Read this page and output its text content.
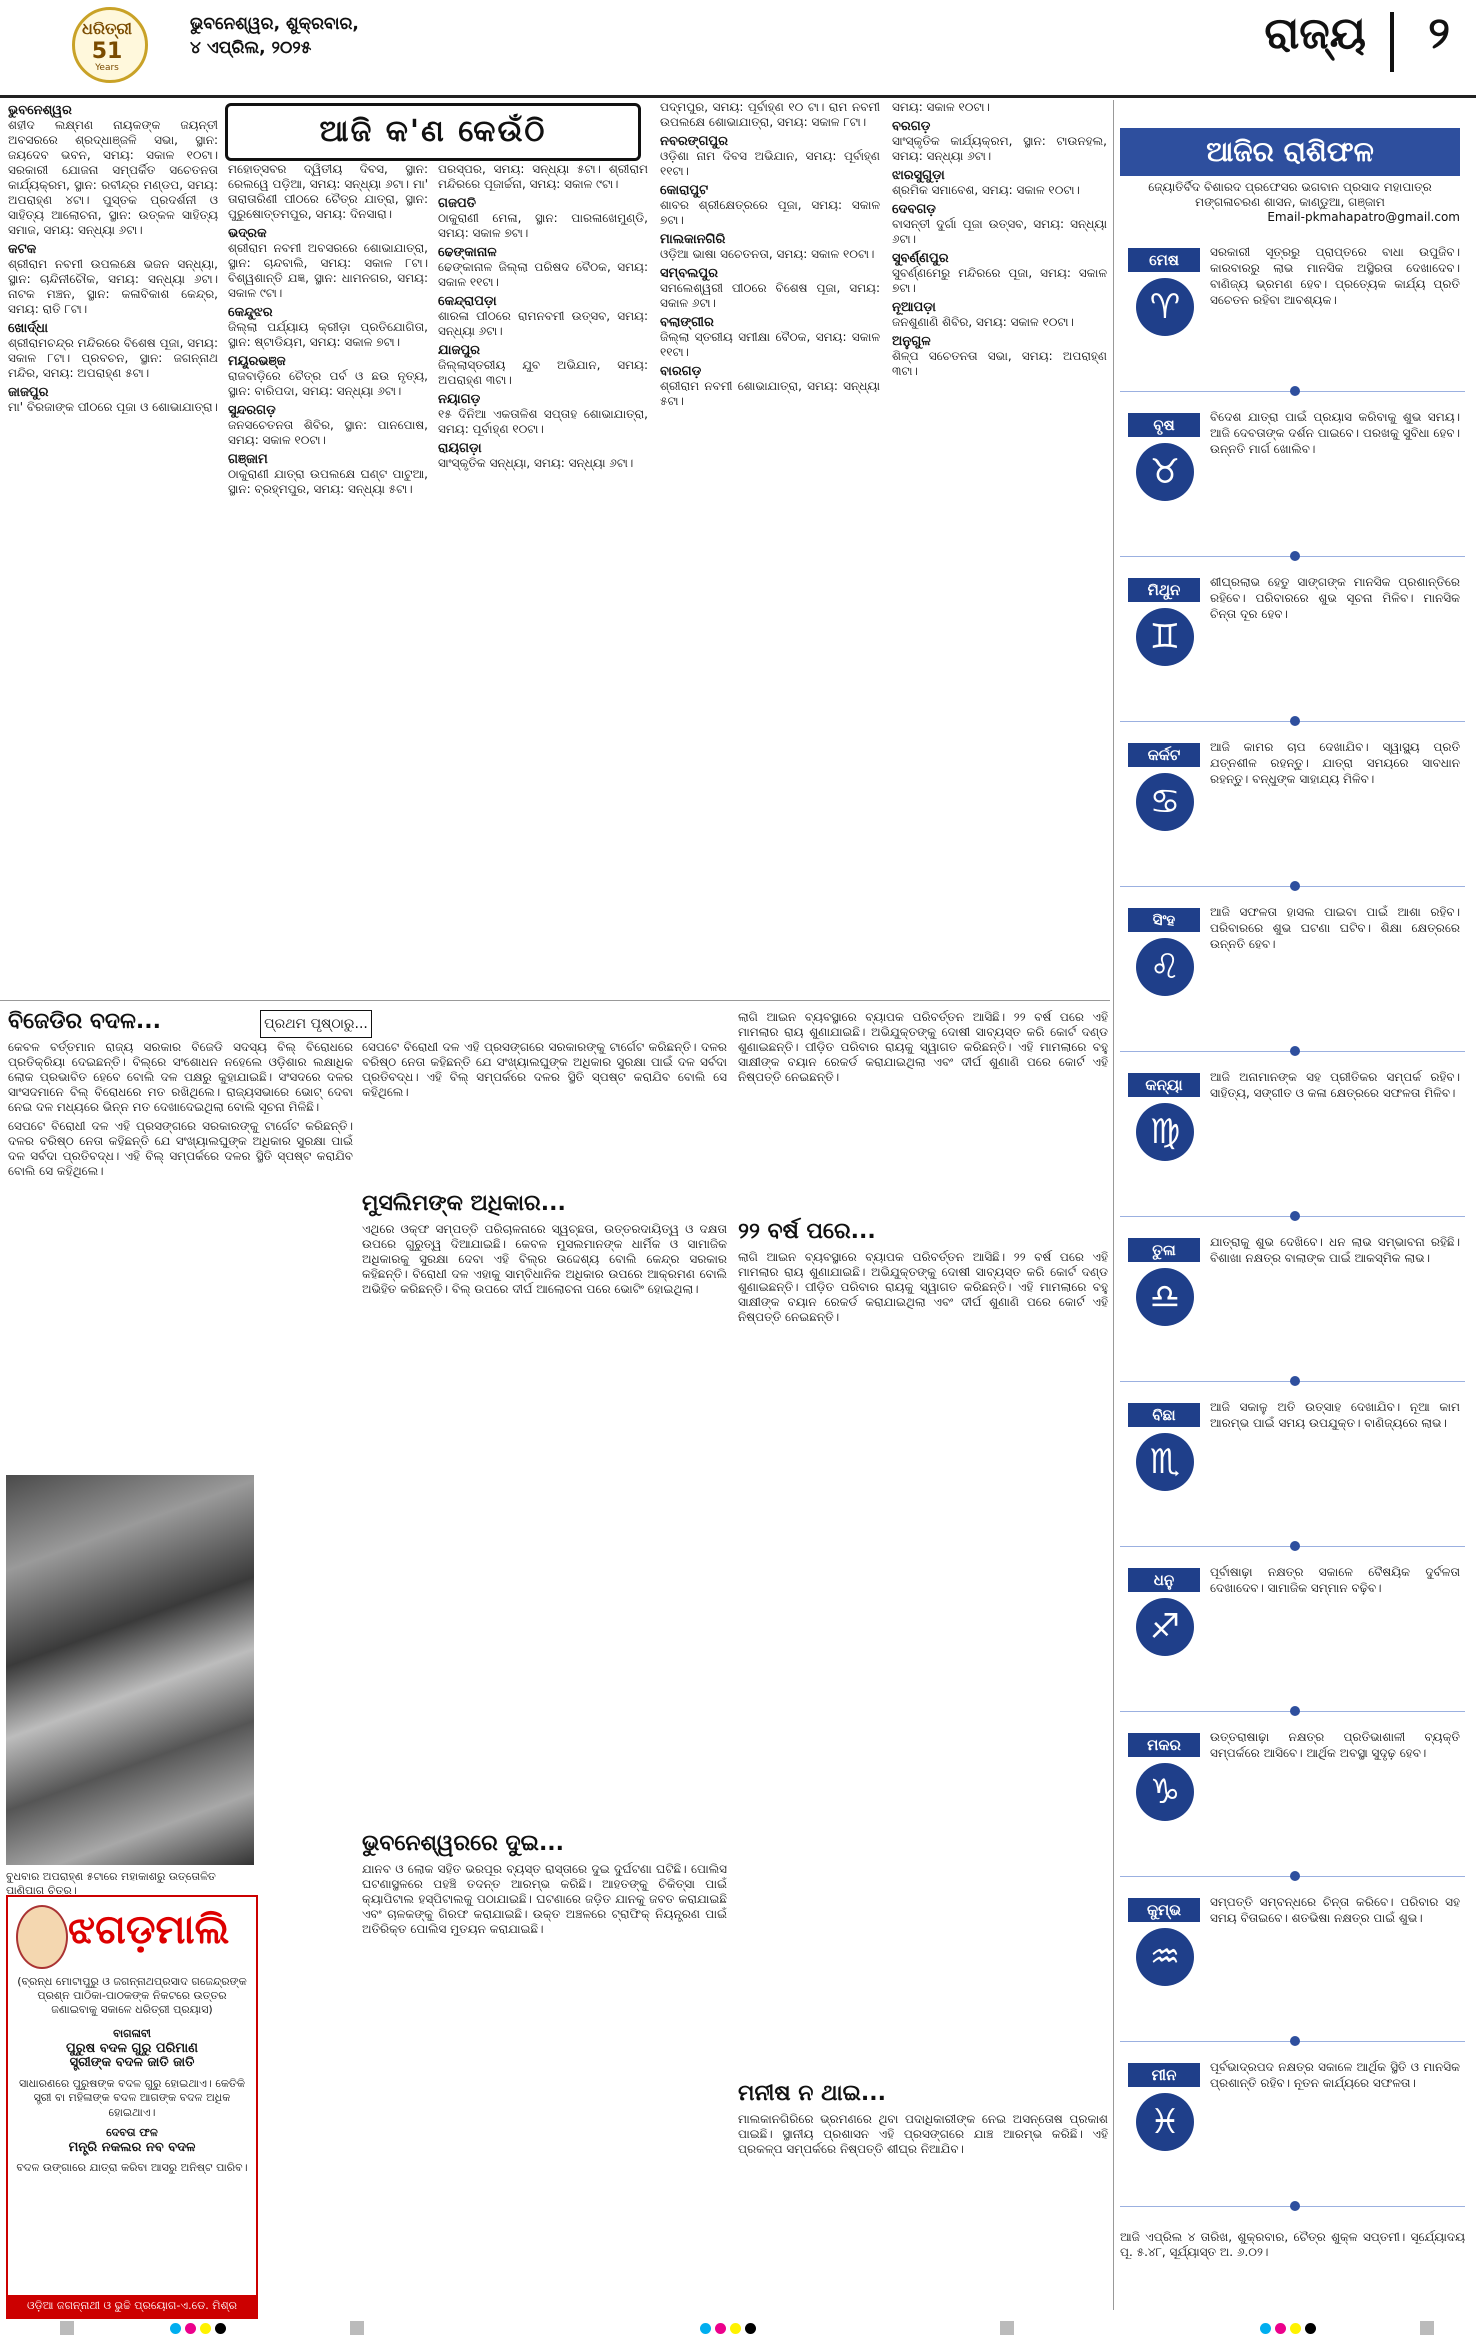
ଧରିତ୍ରୀ
51
Years
ଭୁବନେଶ୍ୱର, ଶୁକ୍ରବାର,
୪ ଏପ୍ରିଲ, ୨୦୨୫	ରାଜ୍ୟ ୨
ଆଜି କ'ଣ କେଉଁଠି
ଭୁବନେଶ୍ୱର

ଶହୀଦ ଲକ୍ଷ୍ମଣ ନାୟକଙ୍କ ଜୟନ୍ତୀ ଅବସରରେ ଶ୍ରଦ୍ଧାଞ୍ଜଳି ସଭା, ସ୍ଥାନ: ଜୟଦେବ ଭବନ, ସମୟ: ସକାଳ ୧୦ଟା। ସରକାରୀ ଯୋଜନା ସମ୍ପର୍କିତ ସଚେତନତା କାର୍ଯ୍ୟକ୍ରମ, ସ୍ଥାନ: ରବୀନ୍ଦ୍ର ମଣ୍ଡପ, ସମୟ: ଅପରାହ୍ଣ ୪ଟା। ପୁସ୍ତକ ପ୍ରଦର୍ଶନୀ ଓ ସାହିତ୍ୟ ଆଲୋଚନା, ସ୍ଥାନ: ଉତ୍କଳ ସାହିତ୍ୟ ସମାଜ, ସମୟ: ସନ୍ଧ୍ୟା ୬ଟା।

କଟକ

ଶ୍ରୀରାମ ନବମୀ ଉପଲକ୍ଷେ ଭଜନ ସନ୍ଧ୍ୟା, ସ୍ଥାନ: ଚାନ୍ଦିନୀଚୌକ, ସମୟ: ସନ୍ଧ୍ୟା ୬ଟା। ନାଟକ ମଞ୍ଚନ, ସ୍ଥାନ: କଳାବିକାଶ କେନ୍ଦ୍ର, ସମୟ: ରାତି ୮ଟା।

ଖୋର୍ଦ୍ଧା

ଶ୍ରୀରାମଚନ୍ଦ୍ର ମନ୍ଦିରରେ ବିଶେଷ ପୂଜା, ସମୟ: ସକାଳ ୮ଟା। ପ୍ରବଚନ, ସ୍ଥାନ: ଜଗନ୍ନାଥ ମନ୍ଦିର, ସମୟ: ଅପରାହ୍ଣ ୫ଟା।

ଜାଜପୁର

ମା' ବିରଜାଙ୍କ ପୀଠରେ ପୂଜା ଓ ଶୋଭାଯାତ୍ରା।

ମହୋତ୍ସବର ଦ୍ୱିତୀୟ ଦିବସ, ସ୍ଥାନ: ରେଲୱେ ପଡ଼ିଆ, ସମୟ: ସନ୍ଧ୍ୟା ୬ଟା। ମା' ତାରାତାରିଣୀ ପୀଠରେ ଚୈତ୍ର ଯାତ୍ରା, ସ୍ଥାନ: ପୁରୁଷୋତ୍ତମପୁର, ସମୟ: ଦିନସାରା।

ଭଦ୍ରକ

ଶ୍ରୀରାମ ନବମୀ ଅବସରରେ ଶୋଭାଯାତ୍ରା, ସ୍ଥାନ: ଚାନ୍ଦବାଲି, ସମୟ: ସକାଳ ୮ଟା। ବିଶ୍ୱଶାନ୍ତି ଯଜ୍ଞ, ସ୍ଥାନ: ଧାମନଗର, ସମୟ: ସକାଳ ୯ଟା।

କେନ୍ଦୁଝର

ଜିଲ୍ଲା ପର୍ଯ୍ୟାୟ କ୍ରୀଡ଼ା ପ୍ରତିଯୋଗିତା, ସ୍ଥାନ: ଷ୍ଟାଡିୟମ, ସମୟ: ସକାଳ ୭ଟା।

ମୟୂରଭଞ୍ଜ

ରାଜବାଡ଼ିରେ ଚୈତ୍ର ପର୍ବ ଓ ଛଉ ନୃତ୍ୟ, ସ୍ଥାନ: ବାରିପଦା, ସମୟ: ସନ୍ଧ୍ୟା ୬ଟା।

ସୁନ୍ଦରଗଡ଼

ଜନସଚେତନତା ଶିବିର, ସ୍ଥାନ: ପାନପୋଷ, ସମୟ: ସକାଳ ୧୦ଟା।

ଗଞ୍ଜାମ

ଠାକୁରାଣୀ ଯାତ୍ରା ଉପଲକ୍ଷେ ଘଣ୍ଟ ପାଟୁଆ, ସ୍ଥାନ: ବ୍ରହ୍ମପୁର, ସମୟ: ସନ୍ଧ୍ୟା ୫ଟା।

ପରସ୍ପର, ସମୟ: ସନ୍ଧ୍ୟା ୫ଟା। ଶ୍ରୀରାମ ମନ୍ଦିରରେ ପୂଜାର୍ଚ୍ଚନା, ସମୟ: ସକାଳ ୯ଟା।

ଗଜପତି

ଠାକୁରାଣୀ ମେଳା, ସ୍ଥାନ: ପାରଳାଖେମୁଣ୍ଡି, ସମୟ: ସକାଳ ୭ଟା।

ଢେଙ୍କାନାଳ

ଢେଙ୍କାନାଳ ଜିଲ୍ଲା ପରିଷଦ ବୈଠକ, ସମୟ: ସକାଳ ୧୧ଟା।

କେନ୍ଦ୍ରାପଡ଼ା

ଶାରଳା ପୀଠରେ ରାମନବମୀ ଉତ୍ସବ, ସମୟ: ସନ୍ଧ୍ୟା ୬ଟା।

ଯାଜପୁର

ଜିଲ୍ଲାସ୍ତରୀୟ ଯୁବ ଅଭିଯାନ, ସମୟ: ଅପରାହ୍ଣ ୩ଟା।

ନୟାଗଡ଼

୧୫ ଦିନିଆ ଏକତାଳିଶ ସପ୍ତାହ ଶୋଭାଯାତ୍ରା, ସମୟ: ପୂର୍ବାହ୍ଣ ୧୦ଟା।

ରାୟଗଡ଼ା

ସାଂସ୍କୃତିକ ସନ୍ଧ୍ୟା, ସମୟ: ସନ୍ଧ୍ୟା ୬ଟା।

ପଦ୍ମପୁର, ସମୟ: ପୂର୍ବାହ୍ଣ ୧୦ ଟା। ରାମ ନବମୀ ଉପଲକ୍ଷେ ଶୋଭାଯାତ୍ରା, ସମୟ: ସକାଳ ୮ଟା।

ନବରଙ୍ଗପୁର

ଓଡ଼ିଶା ନାମ ଦିବସ ଅଭିଯାନ, ସମୟ: ପୂର୍ବାହ୍ଣ ୧୧ଟା।

କୋରାପୁଟ

ଶାବର ଶ୍ରୀକ୍ଷେତ୍ରରେ ପୂଜା, ସମୟ: ସକାଳ ୭ଟା।

ମାଲକାନଗିରି

ଓଡ଼ିଆ ଭାଷା ସଚେତନତା, ସମୟ: ସକାଳ ୧୦ଟା।

ସମ୍ବଲପୁର

ସମଲେଶ୍ୱରୀ ପୀଠରେ ବିଶେଷ ପୂଜା, ସମୟ: ସକାଳ ୬ଟା।

ବଲାଙ୍ଗୀର

ଜିଲ୍ଲା ସ୍ତରୀୟ ସମୀକ୍ଷା ବୈଠକ, ସମୟ: ସକାଳ ୧୧ଟା।

ବାରଗଡ଼

ଶ୍ରୀରାମ ନବମୀ ଶୋଭାଯାତ୍ରା, ସମୟ: ସନ୍ଧ୍ୟା ୫ଟା।

ସମୟ: ସକାଳ ୧୦ଟା।

ବରଗଡ଼

ସାଂସ୍କୃତିକ କାର୍ଯ୍ୟକ୍ରମ, ସ୍ଥାନ: ଟାଉନହଲ, ସମୟ: ସନ୍ଧ୍ୟା ୬ଟା।

ଝାରସୁଗୁଡ଼ା

ଶ୍ରମିକ ସମାବେଶ, ସମୟ: ସକାଳ ୧୦ଟା।

ଦେବଗଡ଼

ବାସନ୍ତୀ ଦୁର୍ଗା ପୂଜା ଉତ୍ସବ, ସମୟ: ସନ୍ଧ୍ୟା ୬ଟା।

ସୁବର୍ଣ୍ଣପୁର

ସୁବର୍ଣ୍ଣମେରୁ ମନ୍ଦିରରେ ପୂଜା, ସମୟ: ସକାଳ ୭ଟା।

ନୂଆପଡ଼ା

ଜନଶୁଣାଣି ଶିବିର, ସମୟ: ସକାଳ ୧୦ଟା।

ଅନୁଗୁଳ

ଶିଳ୍ପ ସଚେତନତା ସଭା, ସମୟ: ଅପରାହ୍ଣ ୩ଟା।

ଆଜିର ରାଶିଫଳ
ଜ୍ୟୋତିର୍ବିଦ ବିଶାରଦ ପ୍ରଫେସର ଭଗବାନ ପ୍ରସାଦ ମହାପାତ୍ର
ମଙ୍ଗଳାଚରଣ ଶାସନ, କାଣ୍ଡୁଆ, ଗଞ୍ଜାମ
Email-pkmahapatro@gmail.com
ମେଷ
♈
ସରକାରୀ ସୂତ୍ରରୁ ପ୍ରାପ୍ତରେ ବାଧା ଉପୁଜିବ। କାରବାରରୁ ଲାଭ ମାନସିକ ଅସ୍ଥିରତା ଦେଖାଦେବ। ବାଣିଜ୍ୟ ଭ୍ରମଣ ହେବ। ପ୍ରତ୍ୟେକ କାର୍ଯ୍ୟ ପ୍ରତି ସଚେତନ ରହିବା ଆବଶ୍ୟକ।
ବୃଷ
♉
ବିଦେଶ ଯାତ୍ରା ପାଇଁ ପ୍ରୟାସ କରିବାକୁ ଶୁଭ ସମୟ। ଆଜି ଦେବତାଙ୍କ ଦର୍ଶନ ପାଇବେ। ପରଖକୁ ସୁବିଧା ହେବ। ଉନ୍ନତି ମାର୍ଗ ଖୋଲିବ।
ମିଥୁନ
♊
ଶୀଘ୍ରଲାଭ ହେତୁ ସାଙ୍ଗଙ୍କ ମାନସିକ ପ୍ରଶାନ୍ତିରେ ରହିବେ। ପରିବାରରେ ଶୁଭ ସୂଚନା ମିଳିବ। ମାନସିକ ଚିନ୍ତା ଦୂର ହେବ।
କର୍କଟ
♋
ଆଜି କାମର ଚାପ ଦେଖାଯିବ। ସ୍ୱାସ୍ଥ୍ୟ ପ୍ରତି ଯତ୍ନଶୀଳ ରହନ୍ତୁ। ଯାତ୍ରା ସମୟରେ ସାବଧାନ ରହନ୍ତୁ। ବନ୍ଧୁଙ୍କ ସାହାଯ୍ୟ ମିଳିବ।
ସିଂହ
♌
ଆଜି ସଫଳତା ହାସଲ ପାଇବା ପାଇଁ ଆଶା ରହିବ। ପରିବାରରେ ଶୁଭ ଘଟଣା ଘଟିବ। ଶିକ୍ଷା କ୍ଷେତ୍ରରେ ଉନ୍ନତି ହେବ।
କନ୍ୟା
♍
ଆଜି ଅନାମାନଙ୍କ ସହ ପ୍ରୀତିକର ସମ୍ପର୍କ ରହିବ। ସାହିତ୍ୟ, ସଙ୍ଗୀତ ଓ କଳା କ୍ଷେତ୍ରରେ ସଫଳତା ମିଳିବ।
ତୁଳା
♎
ଯାତ୍ରାକୁ ଶୁଭ ଦେଖିବେ। ଧନ ଲାଭ ସମ୍ଭାବନା ରହିଛି। ବିଶାଖା ନକ୍ଷତ୍ର ବାଲାଙ୍କ ପାଇଁ ଆକସ୍ମିକ ଲାଭ।
ବିଛା
♏
ଆଜି ସକାଳୁ ଅତି ଉତ୍ସାହ ଦେଖାଯିବ। ନୂଆ କାମ ଆରମ୍ଭ ପାଇଁ ସମୟ ଉପଯୁକ୍ତ। ବାଣିଜ୍ୟରେ ଲାଭ।
ଧନୁ
♐
ପୂର୍ବାଷାଢ଼ା ନକ୍ଷତ୍ର ସକାଳେ ବୈଷୟିକ ଦୁର୍ବଳତା ଦେଖାଦେବ। ସାମାଜିକ ସମ୍ମାନ ବଢ଼ିବ।
ମକର
♑
ଉତ୍ତରାଷାଢ଼ା ନକ୍ଷତ୍ର ପ୍ରତିଭାଶାଳୀ ବ୍ୟକ୍ତି ସମ୍ପର୍କରେ ଆସିବେ। ଆର୍ଥିକ ଅବସ୍ଥା ସୁଦୃଢ଼ ହେବ।
କୁମ୍ଭ
♒
ସମ୍ପତ୍ତି ସମ୍ବନ୍ଧରେ ଚିନ୍ତା କରିବେ। ପରିବାର ସହ ସମୟ ବିତାଇବେ। ଶତଭିଷା ନକ୍ଷତ୍ର ପାଇଁ ଶୁଭ।
ମୀନ
♓
ପୂର୍ବଭାଦ୍ରପଦ ନକ୍ଷତ୍ର ସକାଳେ ଆର୍ଥିକ ସ୍ଥିତି ଓ ମାନସିକ ପ୍ରଶାନ୍ତି ରହିବ। ନୂତନ କାର୍ଯ୍ୟରେ ସଫଳତା।
ଆଜି ଏପ୍ରିଲ ୪ ତାରିଖ, ଶୁକ୍ରବାର, ଚୈତ୍ର ଶୁକ୍ଳ ସପ୍ତମୀ। ସୂର୍ଯ୍ୟୋଦୟ ପୂ. ୫.୪୮, ସୂର୍ଯ୍ୟାସ୍ତ ଅ. ୬.୦୨।
ବିଜେଡିର ବଦଳ...	ପ୍ରଥମ ପୃଷ୍ଠାରୁ...

କେବଳ ବର୍ତ୍ତମାନ ରାଜ୍ୟ ସରକାର ବିଜେଡି ସଦସ୍ୟ ବିଲ୍‌ ବିରୋଧରେ ପ୍ରତିକ୍ରିୟା ଦେଇଛନ୍ତି। ବିଲ୍‌ରେ ସଂଶୋଧନ ନହେଲେ ଓଡ଼ିଶାର ଲକ୍ଷାଧିକ ଲୋକ ପ୍ରଭାବିତ ହେବେ ବୋଲି ଦଳ ପକ୍ଷରୁ କୁହାଯାଇଛି। ସଂସଦରେ ଦଳର ସାଂସଦମାନେ ବିଲ୍‌ ବିରୋଧରେ ମତ ରଖିଥିଲେ। ରାଜ୍ୟସଭାରେ ଭୋଟ୍‌ ଦେବା ନେଇ ଦଳ ମଧ୍ୟରେ ଭିନ୍ନ ମତ ଦେଖାଦେଇଥିଲା ବୋଲି ସୂଚନା ମିଳିଛି।

ସେପଟେ ବିରୋଧୀ ଦଳ ଏହି ପ୍ରସଙ୍ଗରେ ସରକାରଙ୍କୁ ଟାର୍ଗେଟ କରିଛନ୍ତି। ଦଳର ବରିଷ୍ଠ ନେତା କହିଛନ୍ତି ଯେ ସଂଖ୍ୟାଲଘୁଙ୍କ ଅଧିକାର ସୁରକ୍ଷା ପାଇଁ ଦଳ ସର୍ବଦା ପ୍ରତିବଦ୍ଧ। ଏହି ବିଲ୍‌ ସମ୍ପର୍କରେ ଦଳର ସ୍ଥିତି ସ୍ପଷ୍ଟ କରାଯିବ ବୋଲି ସେ କହିଥିଲେ।

ସେପଟେ ବିରୋଧୀ ଦଳ ଏହି ପ୍ରସଙ୍ଗରେ ସରକାରଙ୍କୁ ଟାର୍ଗେଟ କରିଛନ୍ତି। ଦଳର ବରିଷ୍ଠ ନେତା କହିଛନ୍ତି ଯେ ସଂଖ୍ୟାଲଘୁଙ୍କ ଅଧିକାର ସୁରକ୍ଷା ପାଇଁ ଦଳ ସର୍ବଦା ପ୍ରତିବଦ୍ଧ। ଏହି ବିଲ୍‌ ସମ୍ପର୍କରେ ଦଳର ସ୍ଥିତି ସ୍ପଷ୍ଟ କରାଯିବ ବୋଲି ସେ କହିଥିଲେ।
ମୁସଲିମଙ୍କ ଅଧିକାର...
ଏଥିରେ ଓକ୍ଫ ସମ୍ପତ୍ତି ପରିଚାଳନାରେ ସ୍ୱଚ୍ଛତା, ଉତ୍ତରଦାୟିତ୍ୱ ଓ ଦକ୍ଷତା ଉପରେ ଗୁରୁତ୍ୱ ଦିଆଯାଇଛି। କେବଳ ମୁସଲମାନଙ୍କ ଧାର୍ମିକ ଓ ସାମାଜିକ ଅଧିକାରକୁ ସୁରକ୍ଷା ଦେବା ଏହି ବିଲ୍‌ର ଉଦ୍ଦେଶ୍ୟ ବୋଲି କେନ୍ଦ୍ର ସରକାର କହିଛନ୍ତି। ବିରୋଧୀ ଦଳ ଏହାକୁ ସାମ୍ବିଧାନିକ ଅଧିକାର ଉପରେ ଆକ୍ରମଣ ବୋଲି ଅଭିହିତ କରିଛନ୍ତି। ବିଲ୍‌ ଉପରେ ଦୀର୍ଘ ଆଲୋଚନା ପରେ ଭୋଟିଂ ହୋଇଥିଲା।
ଭୁବନେଶ୍ୱରରେ ଦୁଇ...
ଯାନବ ଓ ଲୋକ ସହିତ ଭରପୂର ବ୍ୟସ୍ତ ରାସ୍ତାରେ ଦୁଇ ଦୁର୍ଘଟଣା ଘଟିଛି। ପୋଲିସ ଘଟଣାସ୍ଥଳରେ ପହଞ୍ଚି ତଦନ୍ତ ଆରମ୍ଭ କରିଛି। ଆହତଙ୍କୁ ଚିକିତ୍ସା ପାଇଁ କ୍ୟାପିଟାଲ ହସ୍ପିଟାଲକୁ ପଠାଯାଇଛି। ଘଟଣାରେ ଜଡ଼ିତ ଯାନକୁ ଜବତ କରାଯାଇଛି ଏବଂ ଚାଳକଙ୍କୁ ଗିରଫ କରାଯାଇଛି। ଉକ୍ତ ଅଞ୍ଚଳରେ ଟ୍ରାଫିକ୍‌ ନିୟନ୍ତ୍ରଣ ପାଇଁ ଅତିରିକ୍ତ ପୋଲିସ ମୁତୟନ କରାଯାଇଛି।
ଲାଗି ଆଇନ ବ୍ୟବସ୍ଥାରେ ବ୍ୟାପକ ପରିବର୍ତ୍ତନ ଆସିଛି। ୨୨ ବର୍ଷ ପରେ ଏହି ମାମଲାର ରାୟ ଶୁଣାଯାଇଛି। ଅଭିଯୁକ୍ତଙ୍କୁ ଦୋଷୀ ସାବ୍ୟସ୍ତ କରି କୋର୍ଟ ଦଣ୍ଡ ଶୁଣାଇଛନ୍ତି। ପୀଡ଼ିତ ପରିବାର ରାୟକୁ ସ୍ୱାଗତ କରିଛନ୍ତି। ଏହି ମାମଲାରେ ବହୁ ସାକ୍ଷୀଙ୍କ ବୟାନ ରେକର୍ଡ କରାଯାଇଥିଲା ଏବଂ ଦୀର୍ଘ ଶୁଣାଣି ପରେ କୋର୍ଟ ଏହି ନିଷ୍ପତ୍ତି ନେଇଛନ୍ତି।
୨୨ ବର୍ଷ ପରେ...
ଲାଗି ଆଇନ ବ୍ୟବସ୍ଥାରେ ବ୍ୟାପକ ପରିବର୍ତ୍ତନ ଆସିଛି। ୨୨ ବର୍ଷ ପରେ ଏହି ମାମଲାର ରାୟ ଶୁଣାଯାଇଛି। ଅଭିଯୁକ୍ତଙ୍କୁ ଦୋଷୀ ସାବ୍ୟସ୍ତ କରି କୋର୍ଟ ଦଣ୍ଡ ଶୁଣାଇଛନ୍ତି। ପୀଡ଼ିତ ପରିବାର ରାୟକୁ ସ୍ୱାଗତ କରିଛନ୍ତି। ଏହି ମାମଲାରେ ବହୁ ସାକ୍ଷୀଙ୍କ ବୟାନ ରେକର୍ଡ କରାଯାଇଥିଲା ଏବଂ ଦୀର୍ଘ ଶୁଣାଣି ପରେ କୋର୍ଟ ଏହି ନିଷ୍ପତ୍ତି ନେଇଛନ୍ତି।
ମନୀଷ ନ ଥାଇ...
ମାଲକାନଗିରିରେ ଭ୍ରମଣରେ ଥିବା ପଦାଧିକାରୀଙ୍କ ନେଇ ଅସନ୍ତୋଷ ପ୍ରକାଶ ପାଇଛି। ସ୍ଥାନୀୟ ପ୍ରଶାସନ ଏହି ପ୍ରସଙ୍ଗରେ ଯାଞ୍ଚ ଆରମ୍ଭ କରିଛି। ଏହି ପ୍ରକଳ୍ପ ସମ୍ପର୍କରେ ନିଷ୍ପତ୍ତି ଶୀଘ୍ର ନିଆଯିବ।
ବୁଧବାର ଅପରାହ୍ଣ ୫ଟାରେ ମହାକାଶରୁ ଉତ୍ତୋଳିତ ପାଣିପାଗ ଚିତ୍ର।
ଝଗଡ଼ମାଲି
(ବ୍ରନ୍ଧ ମୋଟାପୁରୁ ଓ ଜଗନ୍ନାଥପ୍ରସାଦ ଗଜେନ୍ଦ୍ରଙ୍କ ପ୍ରଶ୍ନ ପାଠିକା-ପାଠକଙ୍କ ନିକଟରେ ଉତ୍ତର ଜଣାଇବାକୁ ସକାଳେ ଧରିତ୍ରୀ ପ୍ରୟାସ)
ବାଗଳାବୀ
ପୁରୁଷ ବଦଳ ଗୁରୁ ପରିମାଣ
ସ୍ତ୍ରୀଙ୍କ ବଦଳ ଜାତି ଜାତି
ସାଧାରଣରେ ପୁରୁଷଙ୍କ ବଦଳ ଗୁରୁ ହୋଇଥାଏ। କେତିକି ସ୍ତ୍ରୀ ବା ମହିଳାଙ୍କ ବଦଳ ଆଗଙ୍କ ବଦଳ ଅଧିକ ହୋଇଥାଏ।
ଦେବତା ଫଳ
ମନ୍ତ୍ରି ନକଲର ନବ ବଦଳ
ବଦଳ ଉଙ୍ଗାରେ ଯାତ୍ରା କରିବା ଆସରୁ ଅନିଷ୍ଟ ପାରିବ।
ଓଡ଼ିଆ ଜଗନ୍ନାଥୀ ଓ ଭୁଚ୍ଚି ପ୍ରୟୋଗ-ଏ.ଡେ. ମିଶ୍ର ପରିଷ୍କାର ପ୍ରାଇ:
